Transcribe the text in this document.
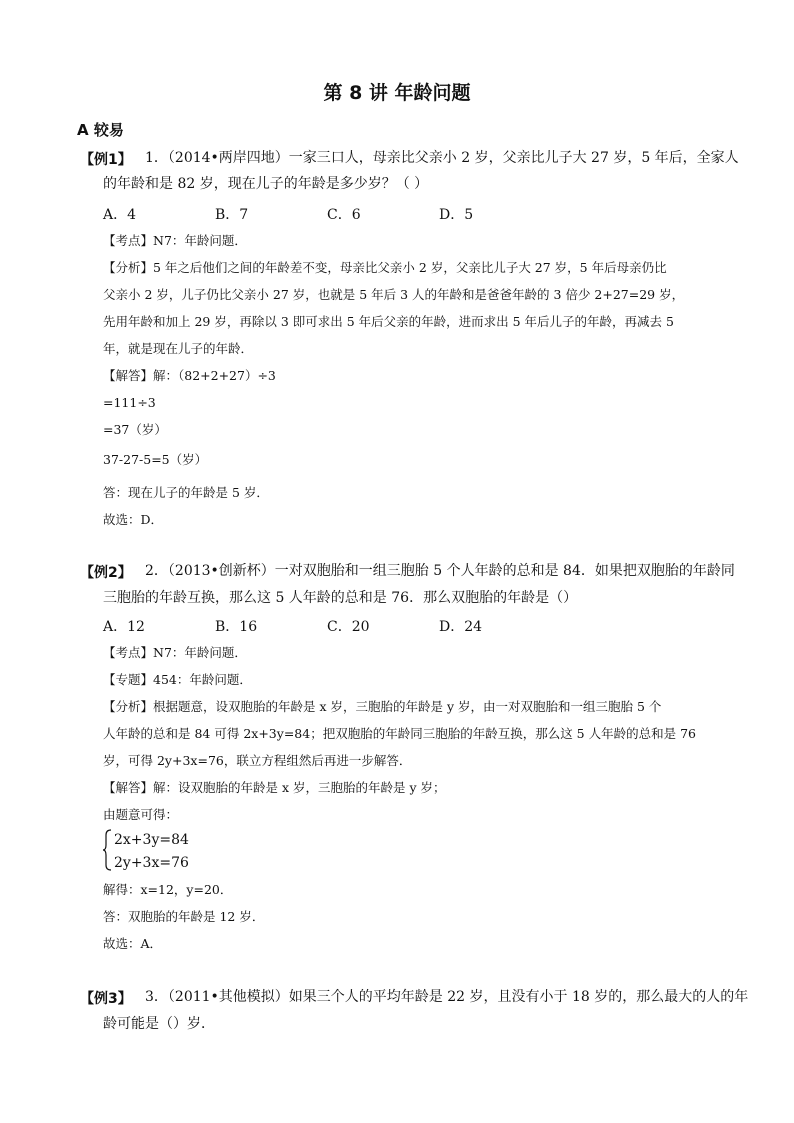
第 8 讲 年龄问题
A 较易
【例1】 1．（2014•两岸四地）一家三口人，母亲比父亲小 2 岁，父亲比儿子大 27 岁，5 年后，全家人
的年龄和是 82 岁，现在儿子的年龄是多少岁？（ ）
A．4	B．7	C．6	D．5
【考点】N7：年龄问题．
【分析】5 年之后他们之间的年龄差不变，母亲比父亲小 2 岁，父亲比儿子大 27 岁，5 年后母亲仍比
父亲小 2 岁，儿子仍比父亲小 27 岁，也就是 5 年后 3 人的年龄和是爸爸年龄的 3 倍少 2+27=29 岁，
先用年龄和加上 29 岁，再除以 3 即可求出 5 年后父亲的年龄，进而求出 5 年后儿子的年龄，再减去 5
年，就是现在儿子的年龄．
【解答】解：（82+2+27）÷3
=111÷3
=37（岁）
37-27-5=5（岁）
答：现在儿子的年龄是 5 岁．
故选：D．
【例2】 2．（2013•创新杯）一对双胞胎和一组三胞胎 5 个人年龄的总和是 84．如果把双胞胎的年龄同
三胞胎的年龄互换，那么这 5 人年龄的总和是 76．那么双胞胎的年龄是（）
A．12	B．16	C．20	D．24
【考点】N7：年龄问题．
【专题】454：年龄问题．
【分析】根据题意，设双胞胎的年龄是 x 岁，三胞胎的年龄是 y 岁，由一对双胞胎和一组三胞胎 5 个
人年龄的总和是 84 可得 2x+3y=84；把双胞胎的年龄同三胞胎的年龄互换，那么这 5 人年龄的总和是 76
岁，可得 2y+3x=76，联立方程组然后再进一步解答．
【解答】解：设双胞胎的年龄是 x 岁，三胞胎的年龄是 y 岁；
由题意可得：
2x+3y=84
2y+3x=76
解得：x=12，y=20．
答：双胞胎的年龄是 12 岁．
故选：A．
【例3】 3．（2011•其他模拟）如果三个人的平均年龄是 22 岁，且没有小于 18 岁的，那么最大的人的年
龄可能是（）岁．
